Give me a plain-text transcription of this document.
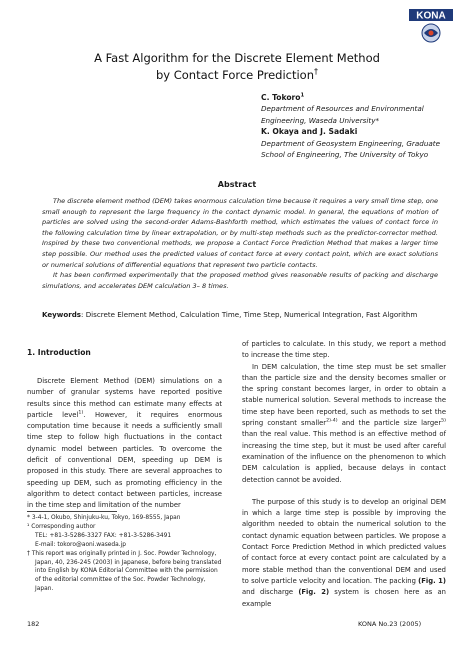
KONA
A Fast Algorithm for the Discrete Element Method
by Contact Force Prediction†
C. Tokoro$^1$
Department of Resources and Environmental
Engineering, Waseda University*
K. Okaya and J. Sadaki
Department of Geosystem Engineering, Graduate
School of Engineering, The University of Tokyo
Abstract

The discrete element method (DEM) takes enormous calculation time because it requires a very small time step, one small enough to represent the large frequency in the contact dynamic model. In general, the equations of motion of particles are solved using the second-order Adams-Bashforth method, which estimates the values of contact force in the following calculation time by linear extrapolation, or by multi-step methods such as the predictor-corrector method. Inspired by these two conventional methods, we propose a Contact Force Prediction Method that makes a larger time step possible. Our method uses the predicted values of contact force at every contact point, which are exact solutions or numerical solutions of differential equations that represent two particle contacts.

It has been confirmed experimentally that the proposed method gives reasonable results of packing and discharge simulations, and accelerates DEM calculation 3– 8 times.

Keywords: Discrete Element Method, Calculation Time, Time Step, Numerical Integration, Fast Algorithm
1. Introduction

Discrete Element Method (DEM) simulations on a number of granular systems have reported positive results since this method can estimate many effects at particle level$^{1)}$. However, it requires enormous computation time because it needs a sufficiently small time step to follow high fluctuations in the contact dynamic model between particles. To overcome the deficit of conventional DEM, speeding up DEM is proposed in this study. There are several approaches to speeding up DEM, such as promoting efficiency in the algorithm to detect contact between particles, increase in the time step and limitation of the number

* 3-4-1, Okubo, Shinjuku-ku, Tokyo, 169-8555, Japan

¹ Corresponding author

TEL: +81-3-5286-3327 FAX: +81-3-5286-3491

E-mail: tokoro@aoni.waseda.jp

† This report was originally printed in J. Soc. Powder Technology, Japan, 40, 236-245 (2003) in Japanese, before being translated into English by KONA Editorial Committee with the permission of the editorial committee of the Soc. Powder Technology, Japan.

of particles to calculate. In this study, we report a method to increase the time step.

In DEM calculation, the time step must be set smaller than the particle size and the density becomes smaller or the spring constant becomes larger, in order to obtain a stable numerical solution. Several methods to increase the time step have been reported, such as methods to set the spring constant smaller$^{2)-4)}$ and the particle size larger$^{5)}$ than the real value. This method is an effective method of increasing the time step, but it must be used after careful examination of the influence on the phenomenon to which DEM calculation is applied, because delays in contact detection cannot be avoided.

The purpose of this study is to develop an original DEM in which a large time step is possible by improving the algorithm needed to obtain the numerical solution to the contact dynamic equation between particles. We propose a Contact Force Prediction Method in which predicted values of contact force at every contact point are calculated by a more stable method than the conventional DEM and used to solve particle velocity and location. The packing (Fig. 1) and discharge (Fig. 2) system is chosen here as an example

182	KONA No.23 (2005)
